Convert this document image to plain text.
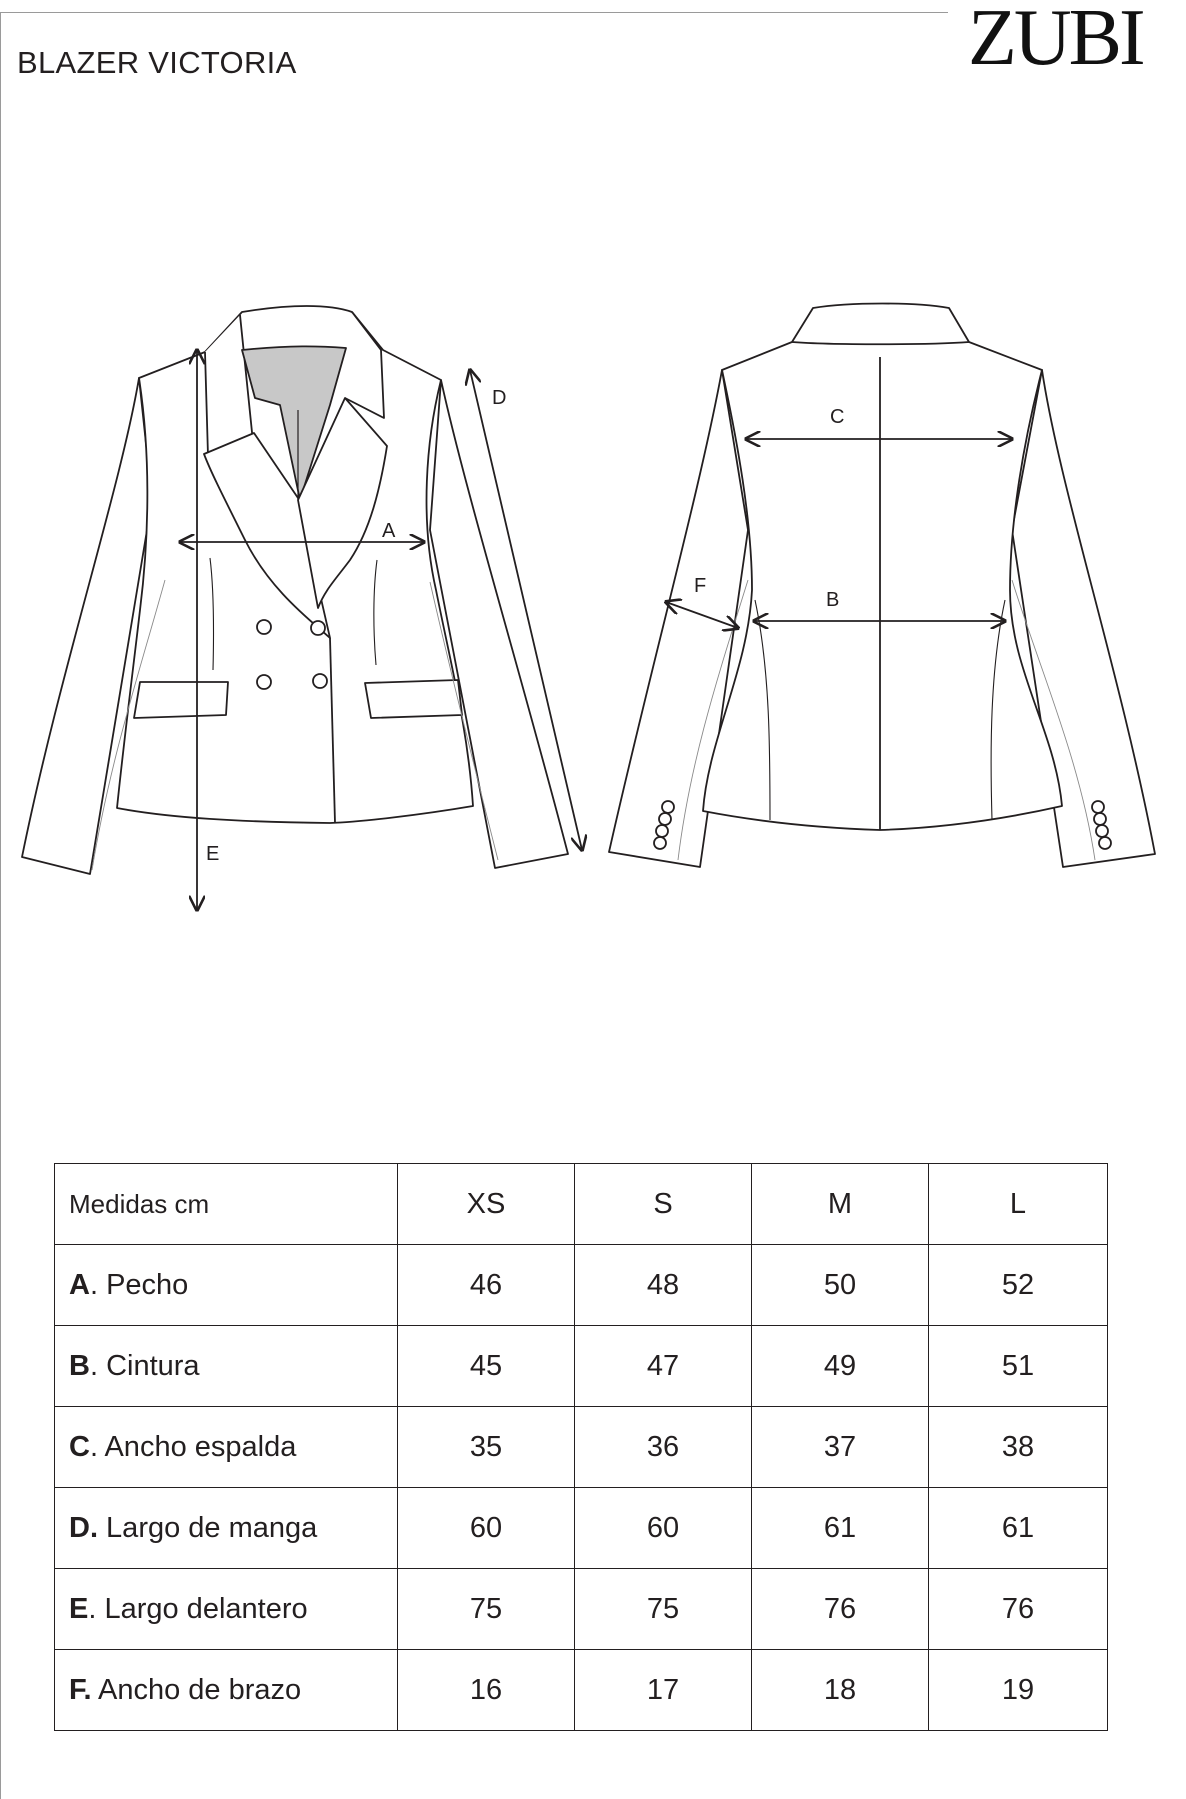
ZUBI
BLAZER VICTORIA
A
D
E
C
B
F
Medidas cm	XS	S	M	L
A. Pecho	46	48	50	52
B. Cintura	45	47	49	51
C. Ancho espalda	35	36	37	38
D. Largo de manga	60	60	61	61
E. Largo delantero	75	75	76	76
F. Ancho de brazo	16	17	18	19
